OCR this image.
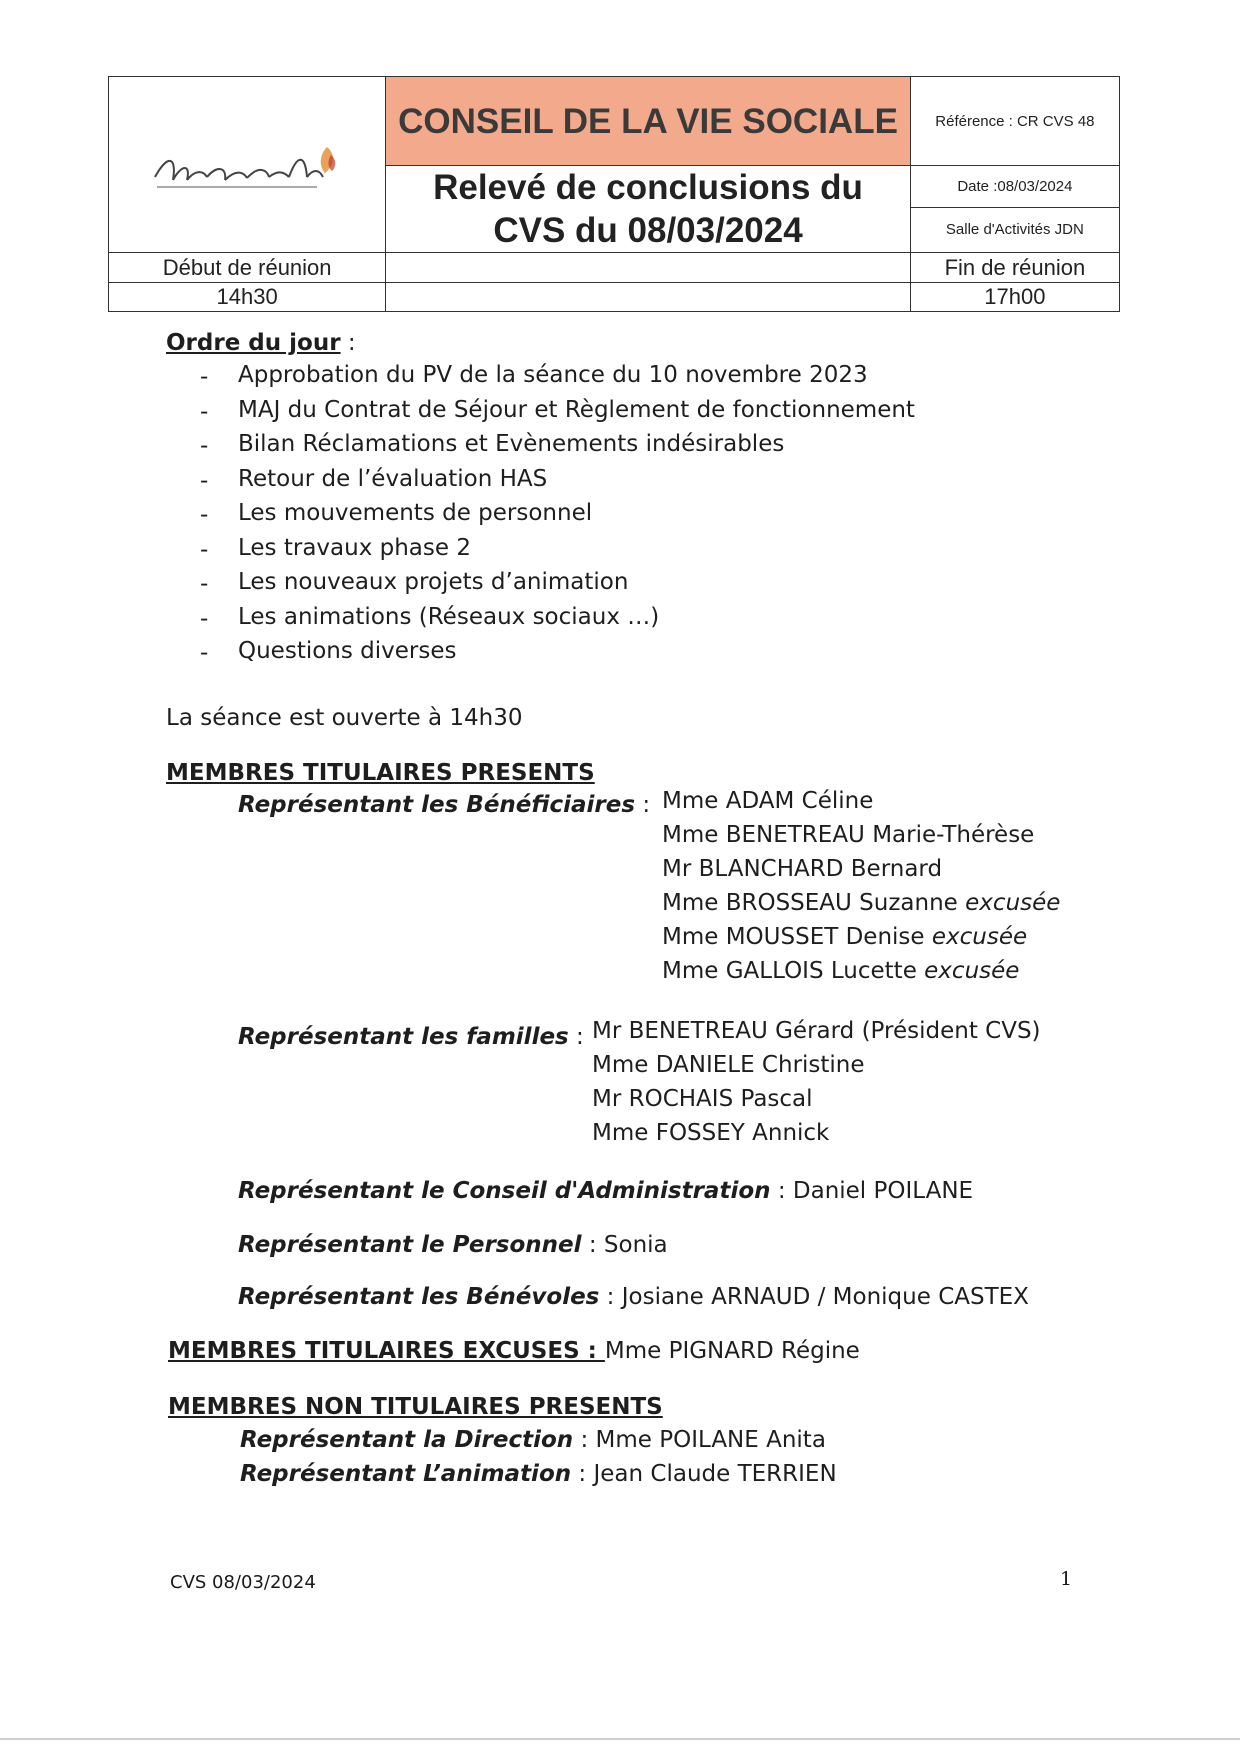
	CONSEIL DE LA VIE SOCIALE	Référence : CR CVS 48

	Relevé de conclusions du
CVS du 08/03/2024	Date :08/03/2024
		Salle d'Activités JDN
Début de réunion		Fin de réunion
14h30		17h00
Ordre du jour :
- Approbation du PV de la séance du 10 novembre 2023
- MAJ du Contrat de Séjour et Règlement de fonctionnement
- Bilan Réclamations et Evènements indésirables
- Retour de l’évaluation HAS
- Les mouvements de personnel
- Les travaux phase 2
- Les nouveaux projets d’animation
- Les animations (Réseaux sociaux …)
- Questions diverses
La séance est ouverte à 14h30
MEMBRES TITULAIRES PRESENTS
Représentant les Bénéficiaires : Mme ADAM Céline
Mme BENETREAU Marie-Thérèse
Mr BLANCHARD Bernard
Mme BROSSEAU Suzanne excusée
Mme MOUSSET Denise excusée
Mme GALLOIS Lucette excusée
Représentant les familles : Mr BENETREAU Gérard (Président CVS)
Mme DANIELE Christine
Mr ROCHAIS Pascal
Mme FOSSEY Annick
Représentant le Conseil d'Administration : Daniel POILANE
Représentant le Personnel : Sonia
Représentant les Bénévoles : Josiane ARNAUD / Monique CASTEX
MEMBRES TITULAIRES EXCUSES : Mme PIGNARD Régine
MEMBRES NON TITULAIRES PRESENTS
Représentant la Direction : Mme POILANE Anita
Représentant L’animation : Jean Claude TERRIEN
CVS 08/03/2024	1
